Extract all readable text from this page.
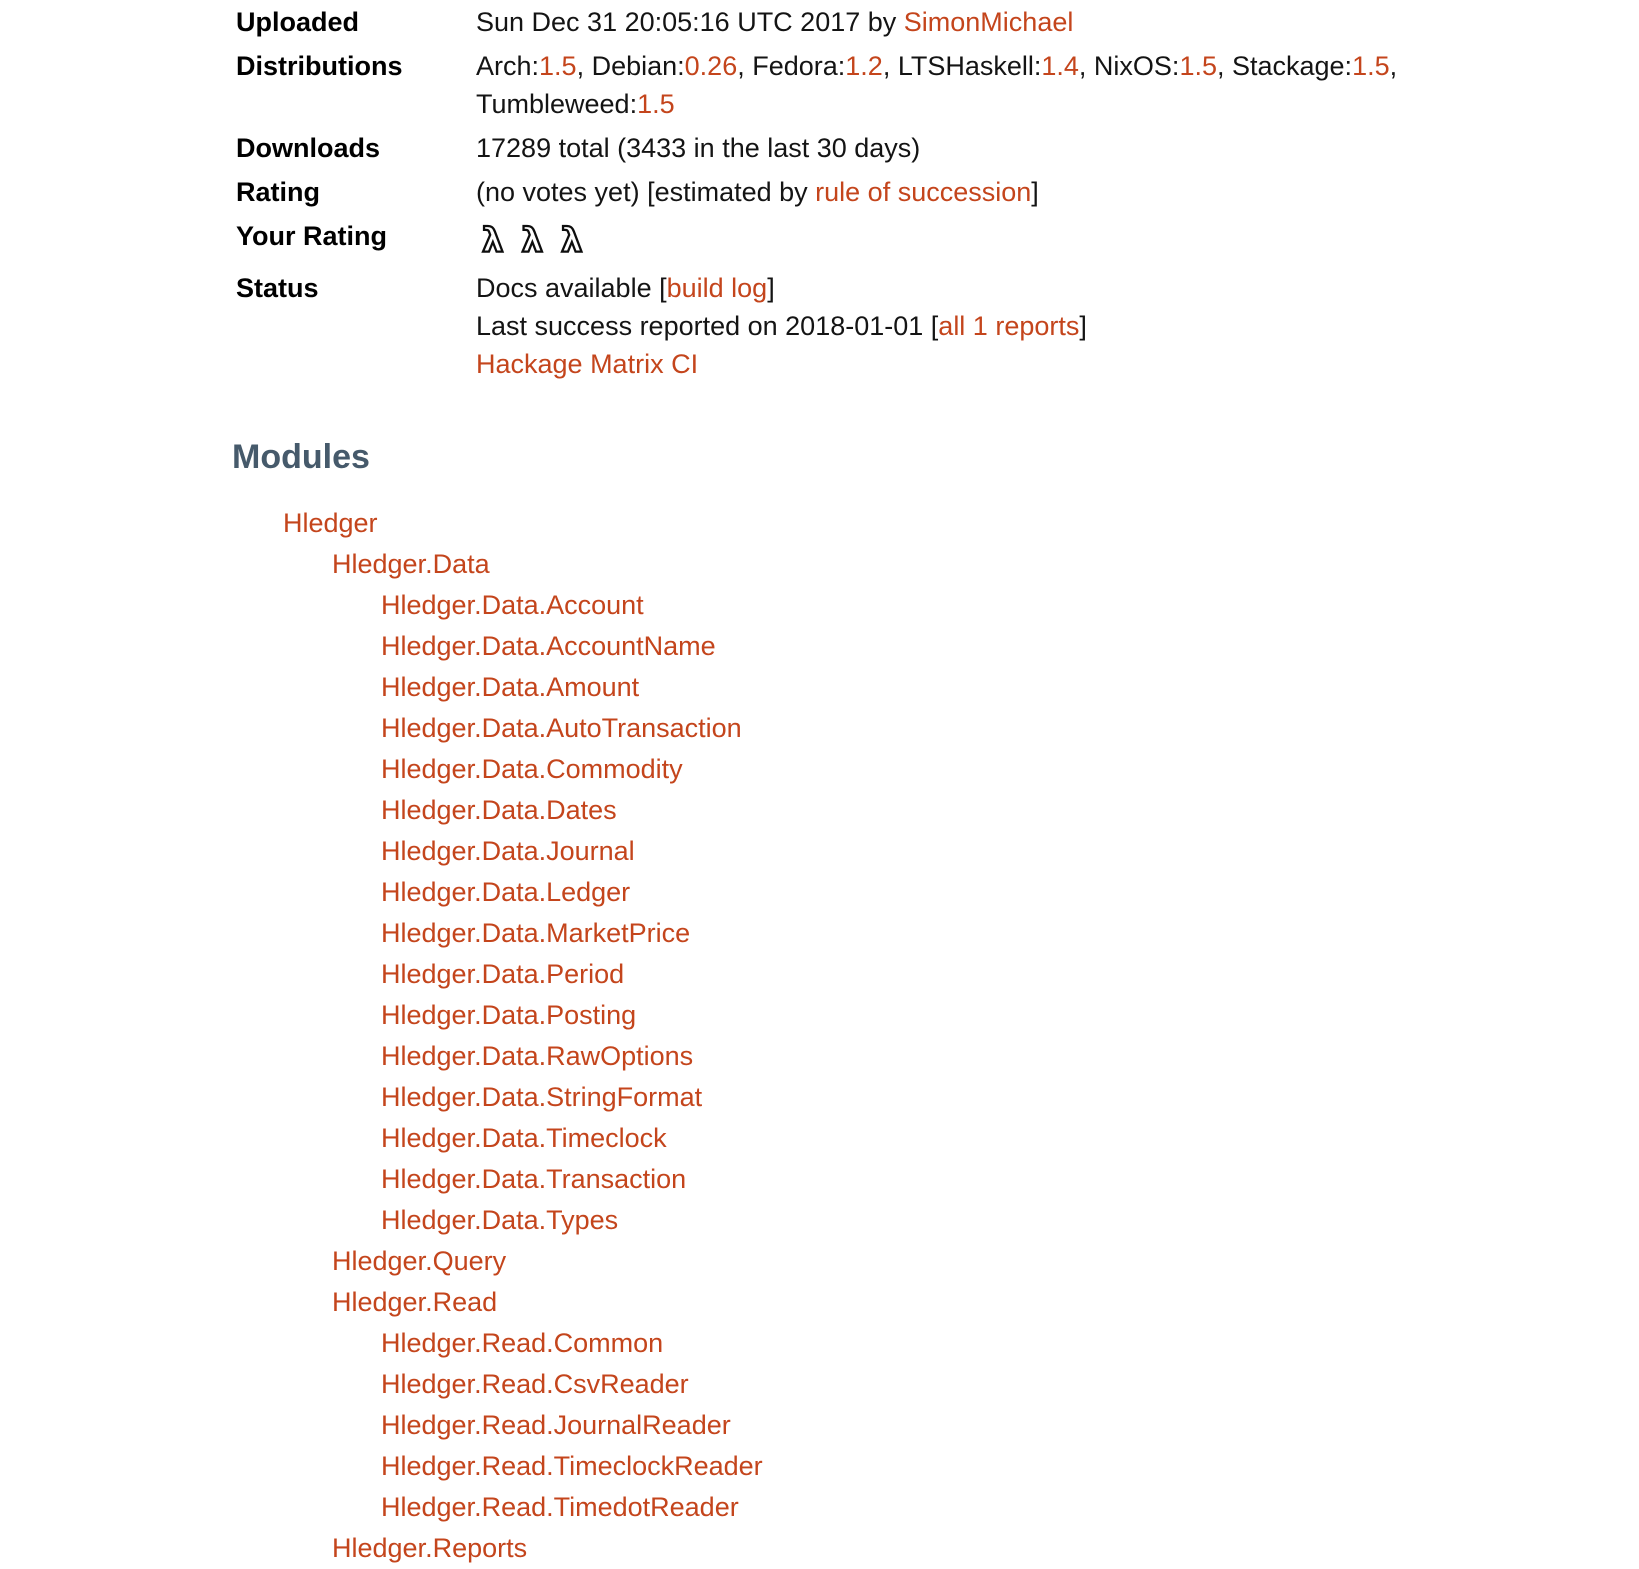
Uploaded	Sun Dec 31 20:05:16 UTC 2017 by SimonMichael
Distributions	Arch:1.5, Debian:0.26, Fedora:1.2, LTSHaskell:1.4, NixOS:1.5, Stackage:1.5, Tumbleweed:1.5
Downloads	17289 total (3433 in the last 30 days)
Rating	(no votes yet) [estimated by rule of succession]
Your Rating	λ λ λ
Status	Docs available [build log]
Last success reported on 2018-01-01 [all 1 reports]
Hackage Matrix CI
Modules
Hledger
Hledger.Data
Hledger.Data.Account
Hledger.Data.AccountName
Hledger.Data.Amount
Hledger.Data.AutoTransaction
Hledger.Data.Commodity
Hledger.Data.Dates
Hledger.Data.Journal
Hledger.Data.Ledger
Hledger.Data.MarketPrice
Hledger.Data.Period
Hledger.Data.Posting
Hledger.Data.RawOptions
Hledger.Data.StringFormat
Hledger.Data.Timeclock
Hledger.Data.Transaction
Hledger.Data.Types
Hledger.Query
Hledger.Read
Hledger.Read.Common
Hledger.Read.CsvReader
Hledger.Read.JournalReader
Hledger.Read.TimeclockReader
Hledger.Read.TimedotReader
Hledger.Reports
